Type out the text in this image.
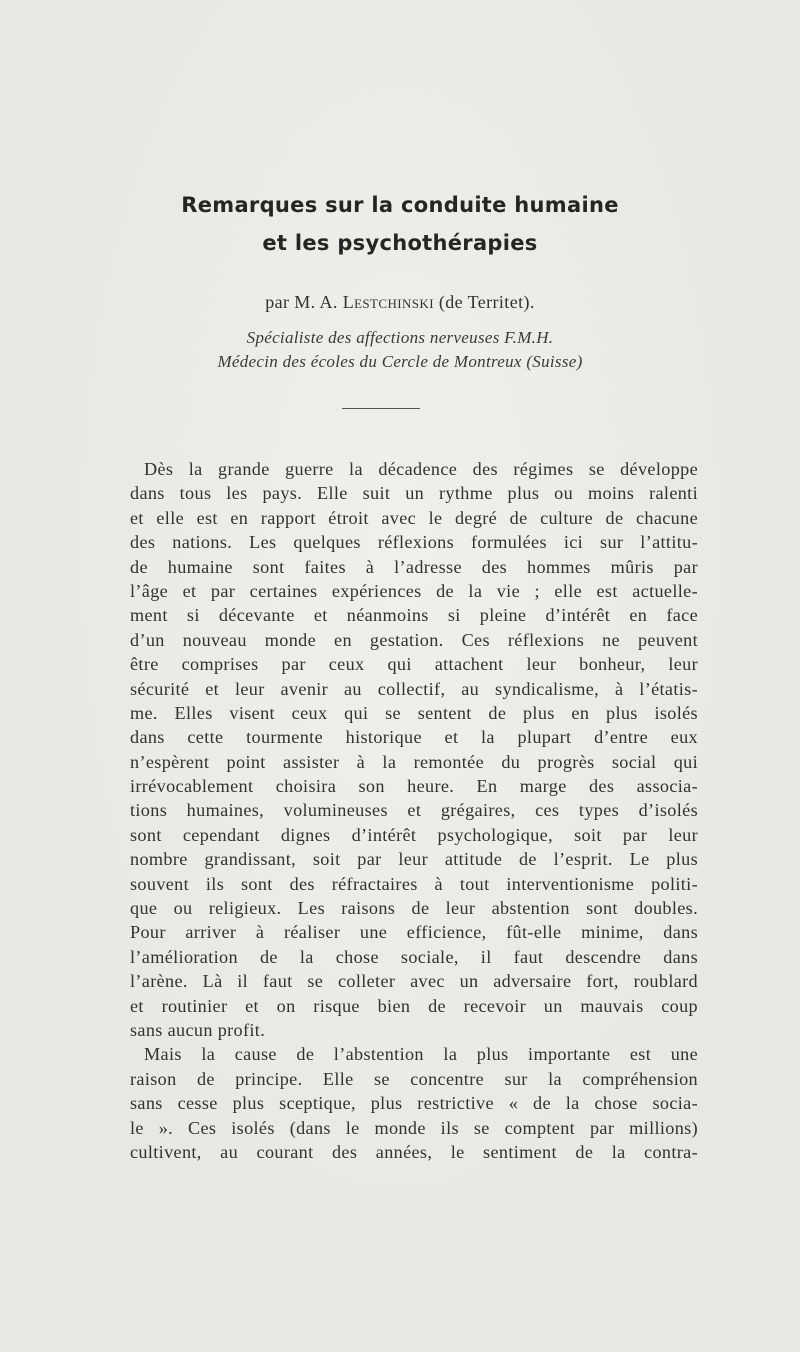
Remarques sur la conduite humaine
et les psychothérapies
par M. A. Lestchinski (de Territet).
Spécialiste des affections nerveuses F.M.H.
Médecin des écoles du Cercle de Montreux (Suisse)

Dès la grande guerre la décadence des régimes se développe
dans tous les pays. Elle suit un rythme plus ou moins ralenti
et elle est en rapport étroit avec le degré de culture de chacune
des nations. Les quelques réflexions formulées ici sur l’attitu-
de humaine sont faites à l’adresse des hommes mûris par
l’âge et par certaines expériences de la vie ; elle est actuelle-
ment si décevante et néanmoins si pleine d’intérêt en face
d’un nouveau monde en gestation. Ces réflexions ne peuvent
être comprises par ceux qui attachent leur bonheur, leur
sécurité et leur avenir au collectif, au syndicalisme, à l’étatis-
me. Elles visent ceux qui se sentent de plus en plus isolés
dans cette tourmente historique et la plupart d’entre eux
n’espèrent point assister à la remontée du progrès social qui
irrévocablement choisira son heure. En marge des associa-
tions humaines, volumineuses et grégaires, ces types d’isolés
sont cependant dignes d’intérêt psychologique, soit par leur
nombre grandissant, soit par leur attitude de l’esprit. Le plus
souvent ils sont des réfractaires à tout interventionisme politi-
que ou religieux. Les raisons de leur abstention sont doubles.
Pour arriver à réaliser une efficience, fût-elle minime, dans
l’amélioration de la chose sociale, il faut descendre dans
l’arène. Là il faut se colleter avec un adversaire fort, roublard
et routinier et on risque bien de recevoir un mauvais coup
sans aucun profit.

Mais la cause de l’abstention la plus importante est une
raison de principe. Elle se concentre sur la compréhension
sans cesse plus sceptique, plus restrictive « de la chose socia-
le ». Ces isolés (dans le monde ils se comptent par millions)
cultivent, au courant des années, le sentiment de la contra-
